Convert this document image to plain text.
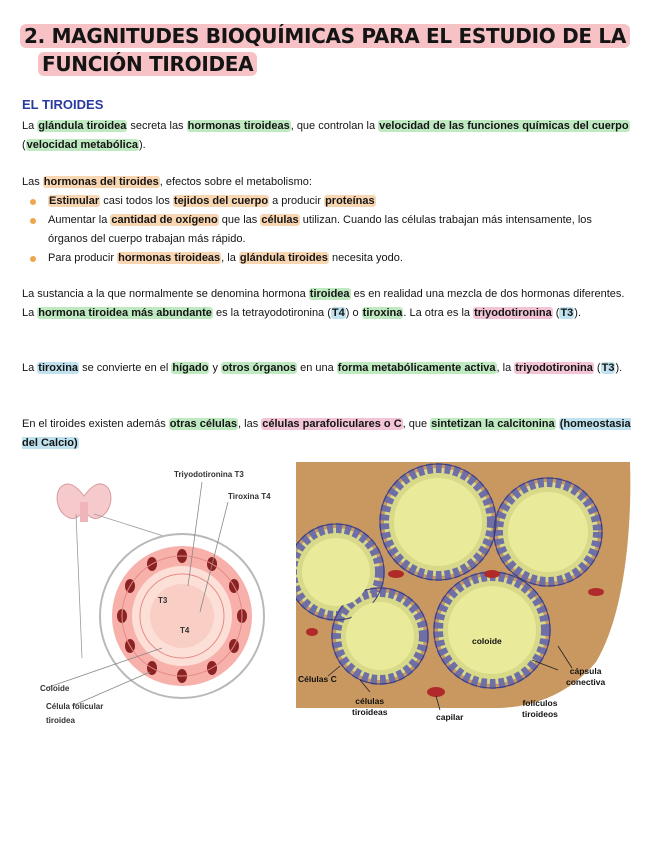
2. MAGNITUDES BIOQUÍMICAS PARA EL ESTUDIO DE LA
FUNCIÓN TIROIDEA
EL TIROIDES
La glándula tiroidea secreta las hormonas tiroideas, que controlan la velocidad de las funciones químicas del cuerpo (velocidad metabólica).
Las hormonas del tiroides, efectos sobre el metabolismo:
Estimular casi todos los tejidos del cuerpo a producir proteínas
Aumentar la cantidad de oxígeno que las células utilizan. Cuando las células trabajan más intensamente, los órganos del cuerpo trabajan más rápido.
Para producir hormonas tiroideas, la glándula tiroides necesita yodo.
La sustancia a la que normalmente se denomina hormona tiroidea es en realidad una mezcla de dos hormonas diferentes. La hormona tiroidea más abundante es la tetrayodotironina (T4) o tiroxina. La otra es la triyodotironina (T3).
La tiroxina se convierte en el hígado y otros órganos en una forma metabólicamente activa, la triyodotironina (T3).
En el tiroides existen además otras células, las células parafoliculares o C, que sintetizan la calcitonina (homeostasia del Calcio)
Triyodotironina T3
Tiroxina T4
T3
T4
Coloide
Célula folicular
tiroidea
coloide
cápsula
conectiva
Células C
células
tiroideas	capilar
folículos
tiroideos
